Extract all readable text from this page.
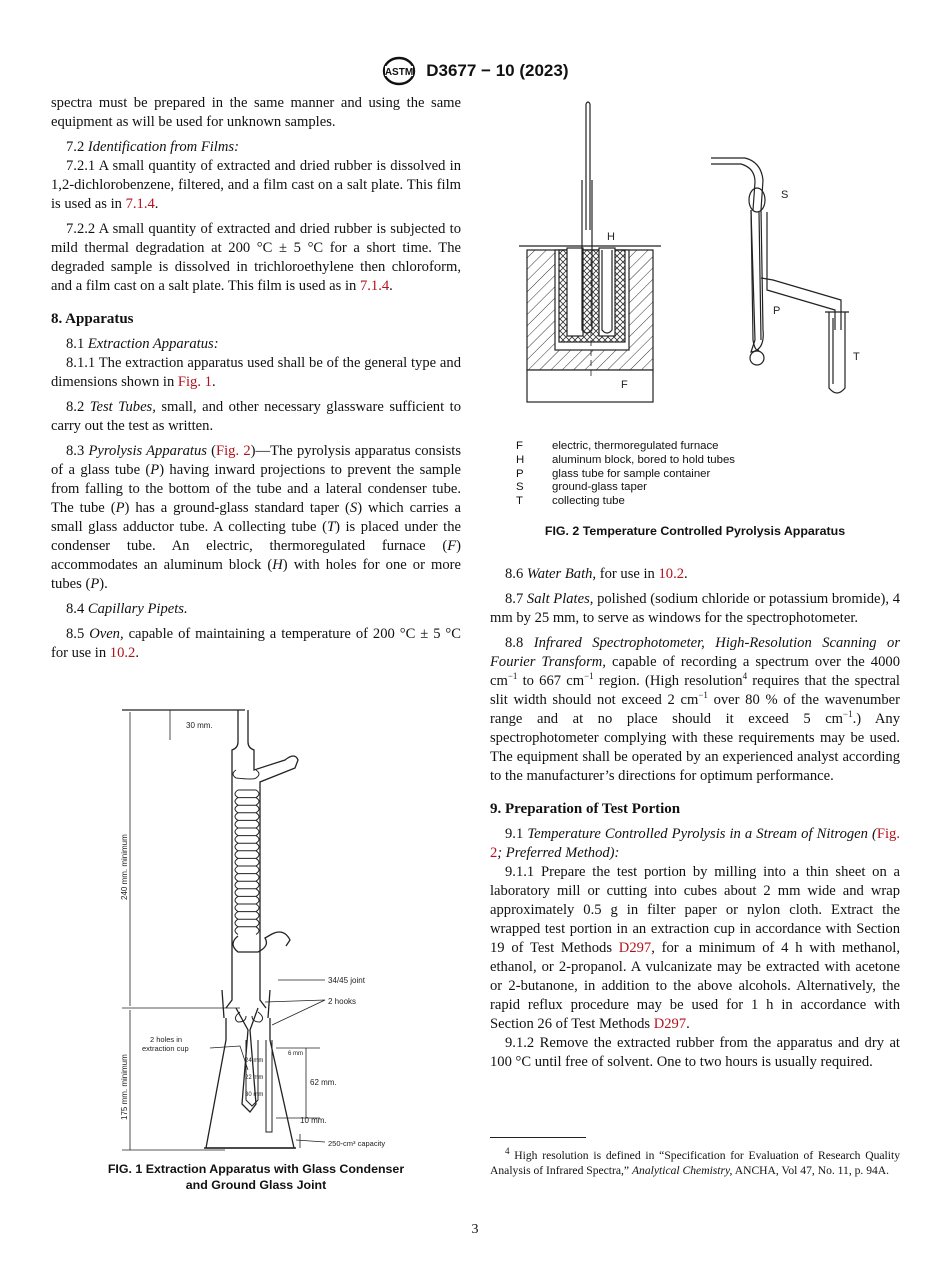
ASTM D3677 − 10 (2023)

spectra must be prepared in the same manner and using the same equipment as will be used for unknown samples.

7.2 Identification from Films:

7.2.1 A small quantity of extracted and dried rubber is dissolved in 1,2-dichlorobenzene, filtered, and a film cast on a salt plate. This film is used as in 7.1.4.

7.2.2 A small quantity of extracted and dried rubber is subjected to mild thermal degradation at 200 °C ± 5 °C for a short time. The degraded sample is dissolved in trichloroethylene then chloroform, and a film cast on a salt plate. This film is used as in 7.1.4.

8. Apparatus

8.1 Extraction Apparatus:

8.1.1 The extraction apparatus used shall be of the general type and dimensions shown in Fig. 1.

8.2 Test Tubes, small, and other necessary glassware sufficient to carry out the test as written.

8.3 Pyrolysis Apparatus (Fig. 2)—The pyrolysis apparatus consists of a glass tube (P) having inward projections to prevent the sample from falling to the bottom of the tube and a lateral condenser tube. The tube (P) has a ground-glass standard taper (S) which carries a small glass adductor tube. A collecting tube (T) is placed under the condenser tube. An electric, thermoregulated furnace (F) accommodates an aluminum block (H) with holes for one or more tubes (P).

8.4 Capillary Pipets.

8.5 Oven, capable of maintaining a temperature of 200 °C ± 5 °C for use in 10.2.

30 mm.
240 mm. minimum
175 mm. minimum
34/45 joint
2 hooks
2 holes in extraction cup
6 mm
24 mm
22 mm
30 mm
62 mm.
10 mm.
250-cm³ capacity
FIG. 1 Extraction Apparatus with Glass Condenser
and Ground Glass Joint
H
F
S
P
T
F	electric, thermoregulated furnace
H	aluminum block, bored to hold tubes
P	glass tube for sample container
S	ground-glass taper
T	collecting tube
FIG. 2 Temperature Controlled Pyrolysis Apparatus

8.6 Water Bath, for use in 10.2.

8.7 Salt Plates, polished (sodium chloride or potassium bromide), 4 mm by 25 mm, to serve as windows for the spectrophotometer.

8.8 Infrared Spectrophotometer, High-Resolution Scanning or Fourier Transform, capable of recording a spectrum over the 4000 $cm^{-1}$ to 667 $cm^{-1}$ region. (High resolution$^4$ requires that the spectral slit width should not exceed 2 $cm^{-1}$ over 80 % of the wavenumber range and at no place should it exceed 5 $cm^{-1}$.) Any spectrophotometer complying with these requirements may be used. The equipment shall be operated by an experienced analyst according to the manufacturer’s directions for optimum performance.

9. Preparation of Test Portion

9.1 Temperature Controlled Pyrolysis in a Stream of Nitrogen (Fig. 2; Preferred Method):

9.1.1 Prepare the test portion by milling into a thin sheet on a laboratory mill or cutting into cubes about 2 mm wide and wrap approximately 0.5 g in filter paper or nylon cloth. Extract the wrapped test portion in an extraction cup in accordance with Section 19 of Test Methods D297, for a minimum of 4 h with methanol, ethanol, or 2-propanol. A vulcanizate may be extracted with acetone or 2-butanone, in addition to the above alcohols. Alternatively, the rapid reflux procedure may be used for 1 h in accordance with Section 26 of Test Methods D297.

9.1.2 Remove the extracted rubber from the apparatus and dry at 100 °C until free of solvent. One to two hours is usually required.

$^4$ High resolution is defined in “Specification for Evaluation of Research Quality Analysis of Infrared Spectra,” Analytical Chemistry, ANCHA, Vol 47, No. 11, p. 94A.
3
